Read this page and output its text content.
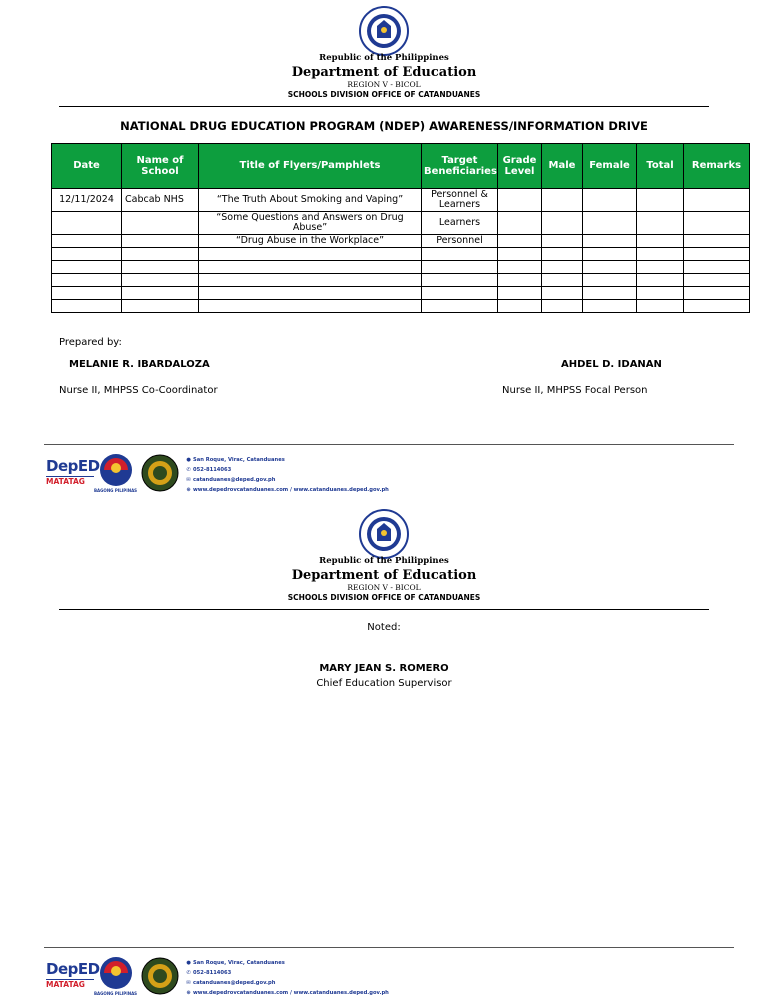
Republic of the Philippines
Department of Education
REGION V - BICOL
SCHOOLS DIVISION OFFICE OF CATANDUANES
NATIONAL DRUG EDUCATION PROGRAM (NDEP) AWARENESS/INFORMATION DRIVE
Date	Name of School	Title of Flyers/Pamphlets	Target Beneficiaries	Grade Level	Male	Female	Total	Remarks
12/11/2024	Cabcab NHS	“The Truth About Smoking and Vaping”	Personnel & Learners					
		“Some Questions and Answers on Drug Abuse”	Learners					
		“Drug Abuse in the Workplace”	Personnel					

Prepared by:
MELANIE R. IBARDALOZA
Nurse II, MHPSS Co-Coordinator
AHDEL D. IDANAN
Nurse II, MHPSS Focal Person
DepED
MATATAG
BAGONG PILIPINAS
● San Roque, Virac, Catanduanes
✆ 052-8114063
✉ catanduanes@deped.gov.ph
⊕ www.depedrovcatanduanes.com / www.catanduanes.deped.gov.ph
Republic of the Philippines
Department of Education
REGION V - BICOL
SCHOOLS DIVISION OFFICE OF CATANDUANES
Noted:
MARY JEAN S. ROMERO
Chief Education Supervisor
DepED
MATATAG
BAGONG PILIPINAS
● San Roque, Virac, Catanduanes
✆ 052-8114063
✉ catanduanes@deped.gov.ph
⊕ www.depedrovcatanduanes.com / www.catanduanes.deped.gov.ph
